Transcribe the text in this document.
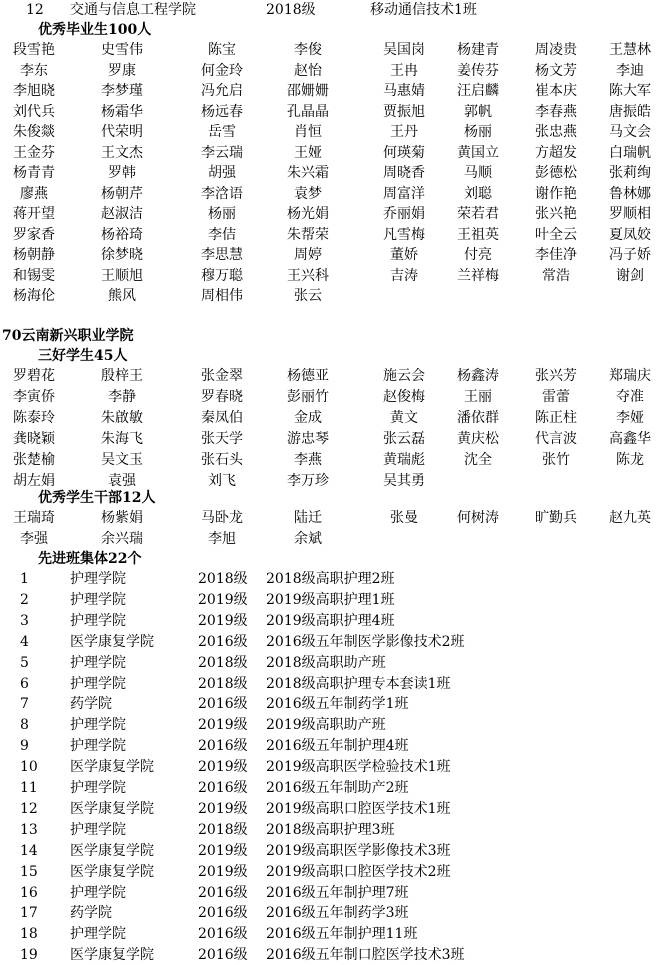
12	交通与信息工程学院	2018级	移动通信技术1班
优秀毕业生100人
段雪艳	史雪伟	陈宝	李俊	吴国岗	杨建青	周凌贵	王慧林
李东	罗康	何金玲	赵怡	王冉	姜传芬	杨文芳	李迪
李旭晓	李梦瑾	冯允启	邵姗姗	马惠婧	汪启麟	崔本庆	陈大军
刘代兵	杨霜华	杨远春	孔晶晶	贾振旭	郭帆	李春燕	唐振皓
朱俊燚	代荣明	岳雪	肖恒	王丹	杨丽	张忠燕	马文会
王金芬	王文杰	李云瑞	王娅	何瑛菊	黄国立	方超发	白瑞帆
杨青青	罗韩	胡强	朱兴霜	周晓香	马顺	彭德松	张莉绚
廖燕	杨朝芹	李浛语	袁梦	周富洋	刘聪	谢作艳	鲁林娜
蒋开望	赵淑洁	杨丽	杨光娟	乔丽娟	荣若君	张兴艳	罗顺相
罗家香	杨裕琦	李佶	朱帮荣	凡雪梅	王祖英	叶全云	夏凤姣
杨朝静	徐梦晓	李思慧	周婷	董娇	付亮	李佳净	冯子娇
和锡雯	王顺旭	穆万聪	王兴科	吉涛	兰祥梅	常浩	谢剑
杨海伦	熊风	周相伟	张云
70云南新兴职业学院
三好学生45人
罗碧花	殷梓王	张金翠	杨德亚	施云会	杨鑫涛	张兴芳	郑瑞庆
李寅侨	李静	罗春晓	彭丽竹	赵俊梅	王丽	雷蕾	夺准
陈泰玲	朱啟敏	秦凤伯	金成	黄文	潘依群	陈正柱	李娅
龚晓颖	朱海飞	张天学	游忠琴	张云磊	黄庆松	代言波	高鑫华
张楚榆	吴文玉	张石头	李燕	黄瑞彪	沈全	张竹	陈龙
胡左娟	袁强	刘飞	李万珍	吴其勇
优秀学生干部12人
王瑞琦	杨紫娟	马卧龙	陆迁	张曼	何树涛	旷勤兵	赵九英
李强	余兴瑞	李旭	余斌
先进班集体22个
1	护理学院	2018级 2018级高职护理2班
2	护理学院	2019级 2019级高职护理1班
3	护理学院	2019级 2019级高职护理4班
4	医学康复学院	2016级 2016级五年制医学影像技术2班
5	护理学院	2018级 2018级高职助产班
6	护理学院	2018级 2018级高职护理专本套读1班
7	药学院	2016级 2016级五年制药学1班
8	护理学院	2019级 2019级高职助产班
9	护理学院	2016级 2016级五年制护理4班
10	医学康复学院	2019级 2019级高职医学检验技术1班
11	护理学院	2016级 2016级五年制助产2班
12	医学康复学院	2019级 2019级高职口腔医学技术1班
13	护理学院	2018级 2018级高职护理3班
14	医学康复学院	2019级 2019级高职医学影像技术3班
15	医学康复学院	2019级 2019级高职口腔医学技术2班
16	护理学院	2016级 2016级五年制护理7班
17	药学院	2016级 2016级五年制药学3班
18	护理学院	2016级 2016级五年制护理11班
19	医学康复学院	2016级 2016级五年制口腔医学技术3班
